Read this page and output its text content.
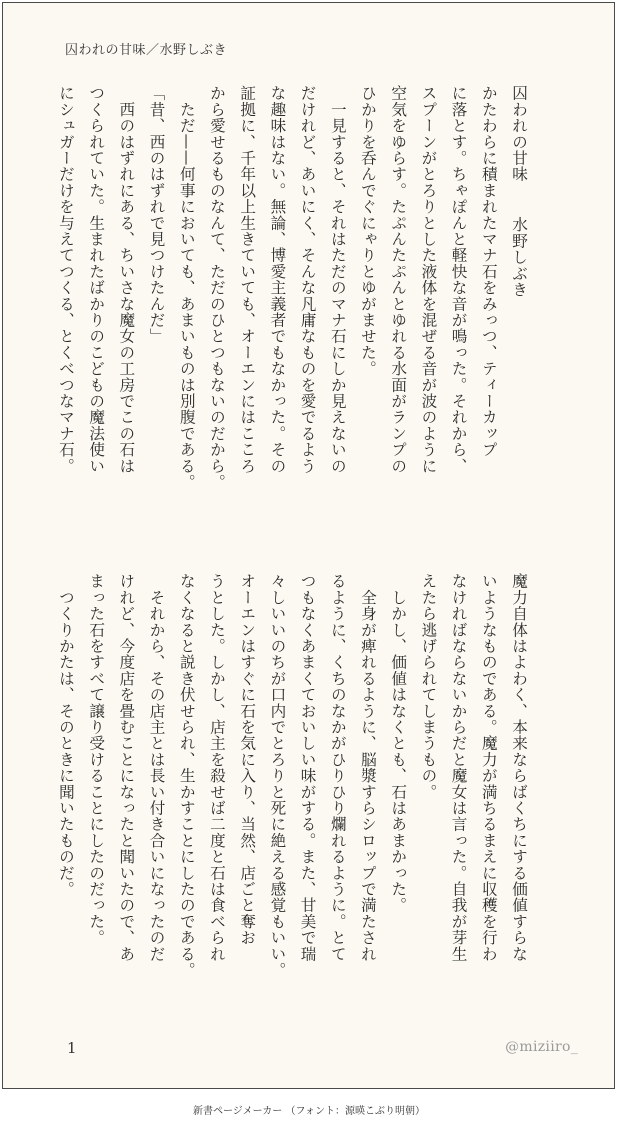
囚われの甘味／水野しぶき

囚われの甘味水野しぶき

かたわらに積まれたマナ石をみっつ、ティーカップ

に落とす。ちゃぽんと軽快な音が鳴った。それから、

スプーンがとろりとした液体を混ぜる音が波のように

空気をゆらす。たぷんたぷんとゆれる水面がランプの

ひかりを呑んでぐにゃりとゆがませた。

　一見すると、それはただのマナ石にしか見えないの

だけれど、あいにく、そんな凡庸なものを愛でるよう

な趣味はない。無論、博愛主義者でもなかった。その

証拠に、千年以上生きていても、オーエンにはこころ

から愛せるものなんて、ただのひとつもないのだから。

　ただ——何事においても、あまいものは別腹である。

「昔、西のはずれで見つけたんだ」

　西のはずれにある、ちいさな魔女の工房でこの石は

つくられていた。生まれたばかりのこどもの魔法使い

にシュガーだけを与えてつくる、とくべつなマナ石。

魔力自体はよわく、本来ならばくちにする価値すらな

いようなものである。魔力が満ちるまえに収穫を行わ

なければならないからだと魔女は言った。自我が芽生

えたら逃げられてしまうもの。

　しかし、価値はなくとも、石はあまかった。

　全身が痺れるように、脳漿すらシロップで満たされ

るように、くちのなかがひりひり爛れるように。とて

つもなくあまくておいしい味がする。また、甘美で瑞

々しいいのちが口内でとろりと死に絶える感覚もいい。

オーエンはすぐに石を気に入り、当然、店ごと奪お

うとした。しかし、店主を殺せば二度と石は食べられ

なくなると説き伏せられ、生かすことにしたのである。

　それから、その店主とは長い付き合いになったのだ

けれど、今度店を畳むことになったと聞いたので、あ

まった石をすべて譲り受けることにしたのだった。

　つくりかたは、そのときに聞いたものだ。

1	@miziiro_
新書ページメーカー （フォント：源暎こぶり明朝）
